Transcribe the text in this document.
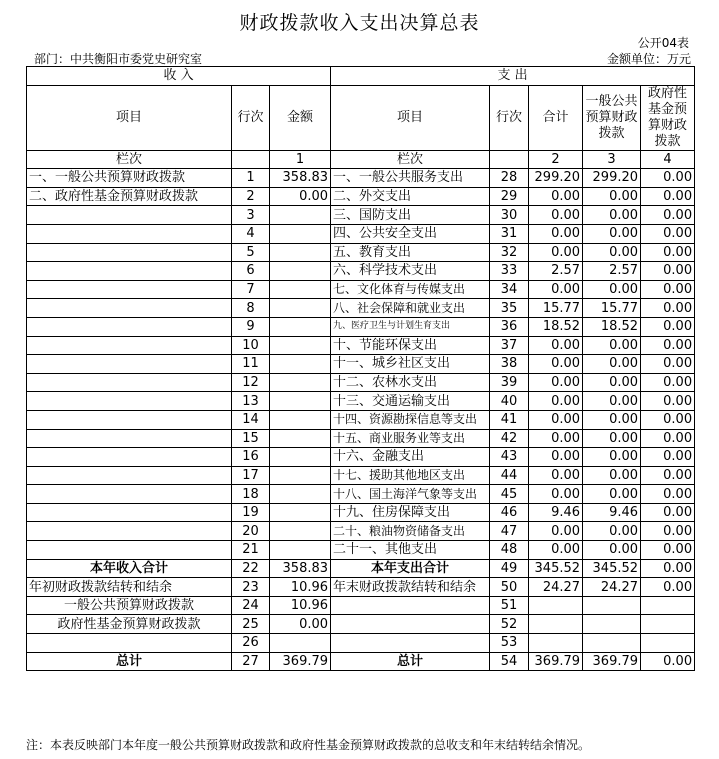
财政拨款收入支出决算总表
公开04表
部门：中共衡阳市委党史研究室	金额单位：万元
收 入			支 出				
项目	行次	金额	项目	行次	合计	一般公共预算财政拨款	政府性基金预算财政拨款
栏次		1	栏次		2	3	4
一、一般公共预算财政拨款	1	358.83	一、一般公共服务支出	28	299.20	299.20	0.00
二、政府性基金预算财政拨款	2	0.00	二、外交支出	29	0.00	0.00	0.00
	3		三、国防支出	30	0.00	0.00	0.00
	4		四、公共安全支出	31	0.00	0.00	0.00
	5		五、教育支出	32	0.00	0.00	0.00
	6		六、科学技术支出	33	2.57	2.57	0.00
	7		七、文化体育与传媒支出	34	0.00	0.00	0.00
	8		八、社会保障和就业支出	35	15.77	15.77	0.00
	9		九、医疗卫生与计划生育支出	36	18.52	18.52	0.00
	10		十、节能环保支出	37	0.00	0.00	0.00
	11		十一、城乡社区支出	38	0.00	0.00	0.00
	12		十二、农林水支出	39	0.00	0.00	0.00
	13		十三、交通运输支出	40	0.00	0.00	0.00
	14		十四、资源勘探信息等支出	41	0.00	0.00	0.00
	15		十五、商业服务业等支出	42	0.00	0.00	0.00
	16		十六、金融支出	43	0.00	0.00	0.00
	17		十七、援助其他地区支出	44	0.00	0.00	0.00
	18		十八、国土海洋气象等支出	45	0.00	0.00	0.00
	19		十九、住房保障支出	46	9.46	9.46	0.00
	20		二十、粮油物资储备支出	47	0.00	0.00	0.00
	21		二十一、其他支出	48	0.00	0.00	0.00
本年收入合计	22	358.83	本年支出合计	49	345.52	345.52	0.00
年初财政拨款结转和结余	23	10.96	年末财政拨款结转和结余	50	24.27	24.27	0.00
一般公共预算财政拨款	24	10.96		51			
政府性基金预算财政拨款	25	0.00		52			
	26			53			
总计	27	369.79	总计	54	369.79	369.79	0.00
注：本表反映部门本年度一般公共预算财政拨款和政府性基金预算财政拨款的总收支和年末结转结余情况。
